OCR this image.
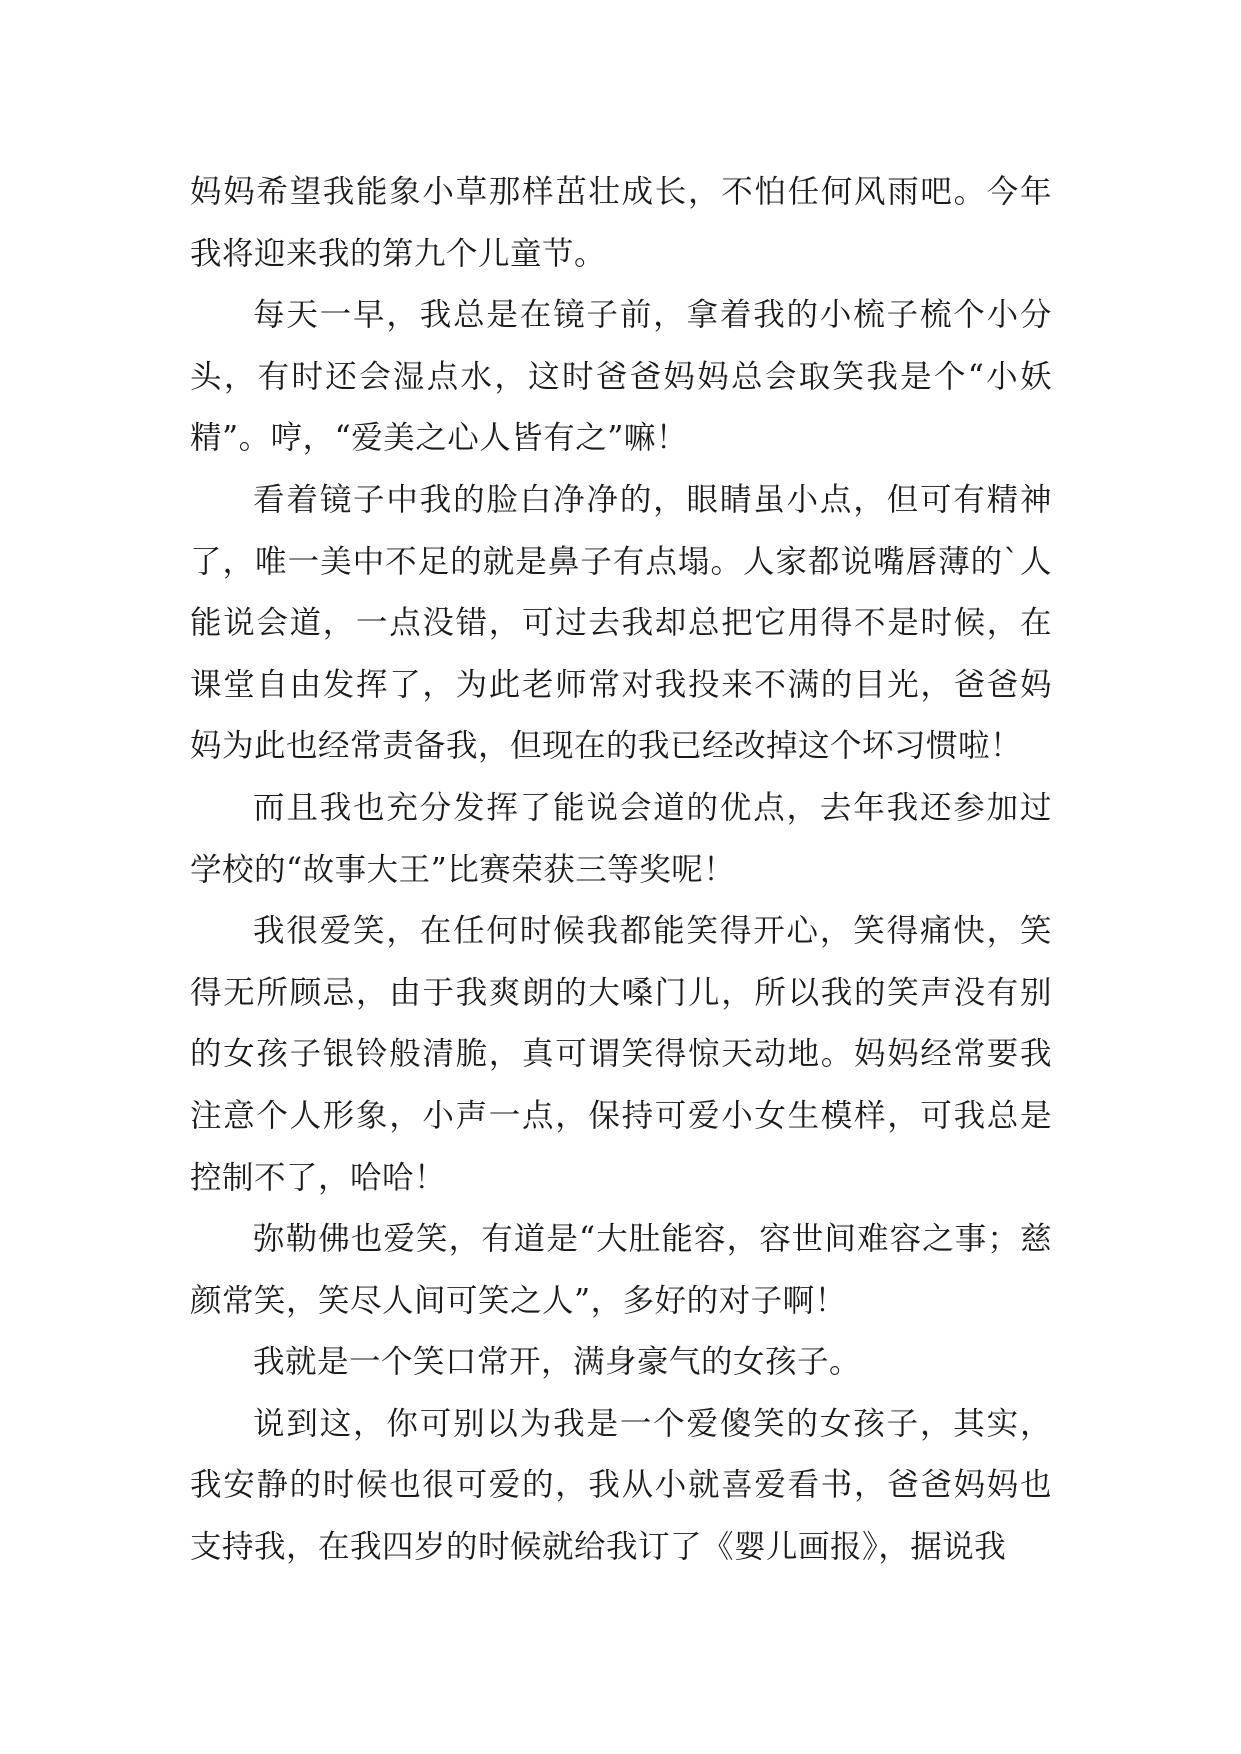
妈妈希望我能象小草那样茁壮成长，不怕任何风雨吧。今年我将迎来我的第九个儿童节。

每天一早，我总是在镜子前，拿着我的小梳子梳个小分头，有时还会湿点水，这时爸爸妈妈总会取笑我是个“小妖精”。哼，“爱美之心人皆有之”嘛！

看着镜子中我的脸白净净的，眼睛虽小点，但可有精神了，唯一美中不足的就是鼻子有点塌。人家都说嘴唇薄的`人能说会道，一点没错，可过去我却总把它用得不是时候，在课堂自由发挥了，为此老师常对我投来不满的目光，爸爸妈妈为此也经常责备我，但现在的我已经改掉这个坏习惯啦！

而且我也充分发挥了能说会道的优点，去年我还参加过学校的“故事大王”比赛荣获三等奖呢！

我很爱笑，在任何时候我都能笑得开心，笑得痛快，笑得无所顾忌，由于我爽朗的大嗓门儿，所以我的笑声没有别的女孩子银铃般清脆，真可谓笑得惊天动地。妈妈经常要我注意个人形象，小声一点，保持可爱小女生模样，可我总是控制不了，哈哈！

弥勒佛也爱笑，有道是“大肚能容，容世间难容之事；慈颜常笑，笑尽人间可笑之人”，多好的对子啊！

我就是一个笑口常开，满身豪气的女孩子。

说到这，你可别以为我是一个爱傻笑的女孩子，其实，我安静的时候也很可爱的，我从小就喜爱看书，爸爸妈妈也支持我，在我四岁的时候就给我订了《婴儿画报》，据说我
